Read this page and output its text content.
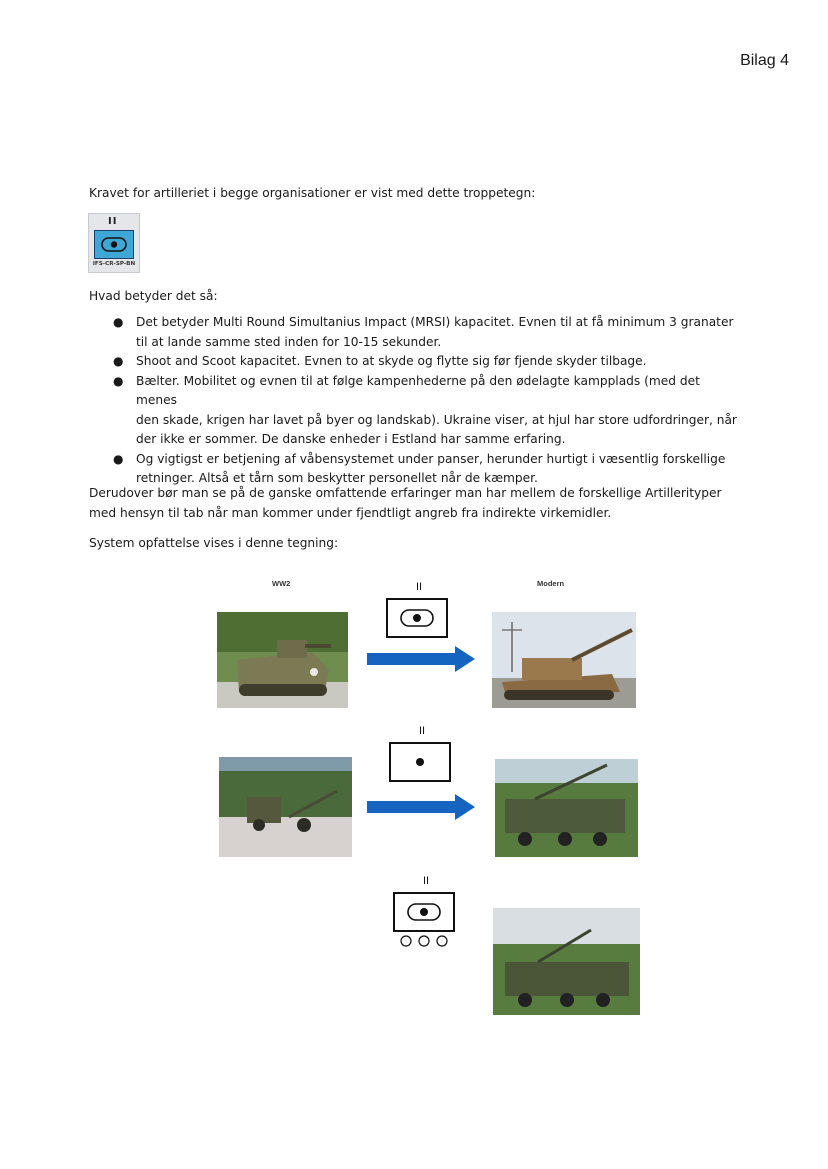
Bilag 4
Kravet for artilleriet i begge organisationer er vist med dette troppetegn:
II
IFS-CR-SP-BN
Hvad betyder det så:
● Det betyder Multi Round Simultanius Impact (MRSI) kapacitet. Evnen til at få minimum 3 granater
til at lande samme sted inden for 10-15 sekunder.
● Shoot and Scoot kapacitet. Evnen to at skyde og flytte sig før fjende skyder tilbage.
● Bælter. Mobilitet og evnen til at følge kampenhederne på den ødelagte kampplads (med det menes
den skade, krigen har lavet på byer og landskab). Ukraine viser, at hjul har store udfordringer, når
der ikke er sommer. De danske enheder i Estland har samme erfaring.
● Og vigtigst er betjening af våbensystemet under panser, herunder hurtigt i væsentlig forskellige
retninger. Altså et tårn som beskytter personellet når de kæmper.
Derudover bør man se på de ganske omfattende erfaringer man har mellem de forskellige Artillerityper
med hensyn til tab når man kommer under fjendtligt angreb fra indirekte virkemidler.
System opfattelse vises i denne tegning:
WW2	Modern
II
II
II
